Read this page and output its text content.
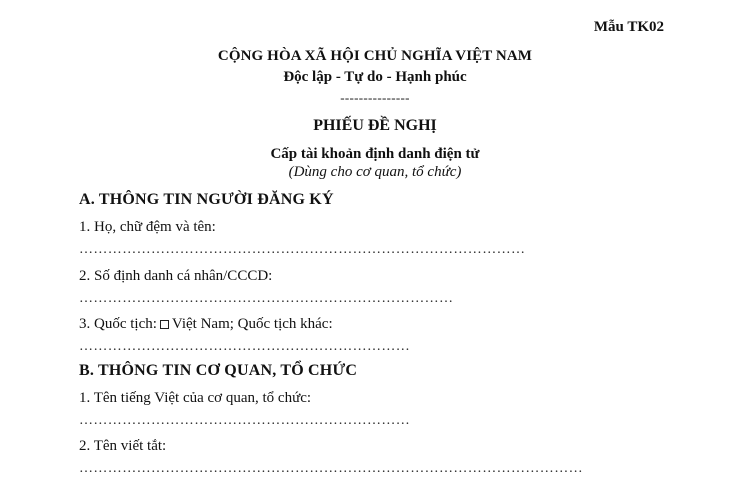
Mẫu TK02
CỘNG HÒA XÃ HỘI CHỦ NGHĨA VIỆT NAM
Độc lập - Tự do - Hạnh phúc
---------------
PHIẾU ĐỀ NGHỊ
Cấp tài khoản định danh điện tử
(Dùng cho cơ quan, tổ chức)
A. THÔNG TIN NGƯỜI ĐĂNG KÝ
1. Họ, chữ đệm và tên:
…………………………………………………………………………………
2. Số định danh cá nhân/CCCD:
……………………………………………………………………
3. Quốc tịch: Việt Nam; Quốc tịch khác:
……………………………………………………………
B. THÔNG TIN CƠ QUAN, TỔ CHỨC
1. Tên tiếng Việt của cơ quan, tổ chức:
……………………………………………………………
2. Tên viết tắt:
……………………………………………………………………………………………
